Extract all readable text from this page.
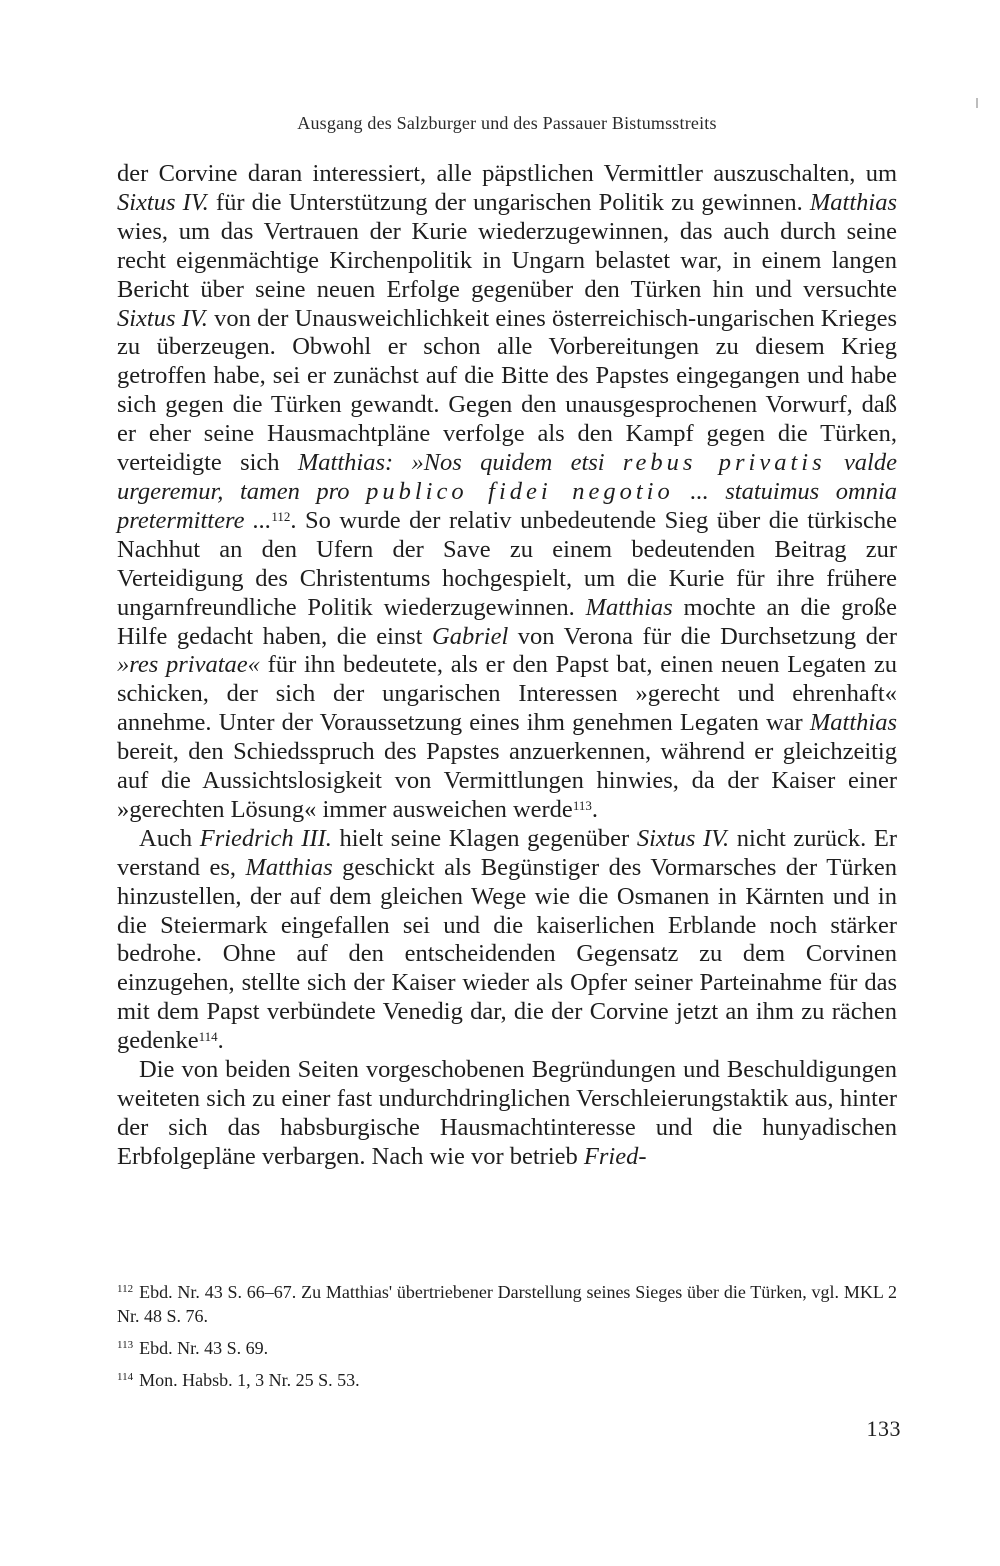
Ausgang des Salzburger und des Passauer Bistumsstreits

der Corvine daran interessiert, alle päpstlichen Vermittler auszuschalten, um Sixtus IV. für die Unterstützung der ungarischen Politik zu gewinnen. Matthias wies, um das Vertrauen der Kurie wiederzugewinnen, das auch durch seine recht eigenmächtige Kirchenpolitik in Ungarn belastet war, in einem langen Bericht über seine neuen Erfolge gegenüber den Türken hin und versuchte Sixtus IV. von der Unausweichlichkeit eines österreichisch-ungarischen Krieges zu überzeugen. Obwohl er schon alle Vorbereitungen zu diesem Krieg getroffen habe, sei er zunächst auf die Bitte des Papstes eingegangen und habe sich gegen die Türken gewandt. Gegen den unausgesprochenen Vorwurf, daß er eher seine Hausmachtpläne verfolge als den Kampf gegen die Türken, verteidigte sich Matthias: »Nos quidem etsi rebus privatis valde urgeremur, tamen pro publico fidei negotio ... statuimus omnia pretermittere ...$^{112}$. So wurde der relativ unbedeutende Sieg über die türkische Nachhut an den Ufern der Save zu einem bedeutenden Beitrag zur Verteidigung des Christentums hochgespielt, um die Kurie für ihre frühere ungarnfreundliche Politik wiederzugewinnen. Matthias mochte an die große Hilfe gedacht haben, die einst Gabriel von Verona für die Durchsetzung der »res privatae« für ihn bedeutete, als er den Papst bat, einen neuen Legaten zu schicken, der sich der ungarischen Interessen »gerecht und ehrenhaft« annehme. Unter der Voraussetzung eines ihm genehmen Legaten war Matthias bereit, den Schiedsspruch des Papstes anzuerkennen, während er gleichzeitig auf die Aussichtslosigkeit von Vermittlungen hinwies, da der Kaiser einer »gerechten Lösung« immer ausweichen werde$^{113}$.

Auch Friedrich III. hielt seine Klagen gegenüber Sixtus IV. nicht zurück. Er verstand es, Matthias geschickt als Begünstiger des Vormarsches der Türken hinzustellen, der auf dem gleichen Wege wie die Osmanen in Kärnten und in die Steiermark eingefallen sei und die kaiserlichen Erblande noch stärker bedrohe. Ohne auf den entscheidenden Gegensatz zu dem Corvinen einzugehen, stellte sich der Kaiser wieder als Opfer seiner Parteinahme für das mit dem Papst verbündete Venedig dar, die der Corvine jetzt an ihm zu rächen gedenke$^{114}$.

Die von beiden Seiten vorgeschobenen Begründungen und Beschuldigungen weiteten sich zu einer fast undurchdringlichen Verschleierungstaktik aus, hinter der sich das habsburgische Hausmachtinteresse und die hunyadischen Erbfolgepläne verbargen. Nach wie vor betrieb Fried-

$^{112}$ Ebd. Nr. 43 S. 66–67. Zu Matthias' übertriebener Darstellung seines Sieges über die Türken, vgl. MKL 2 Nr. 48 S. 76.
$^{113}$ Ebd. Nr. 43 S. 69.
$^{114}$ Mon. Habsb. 1, 3 Nr. 25 S. 53.
133
